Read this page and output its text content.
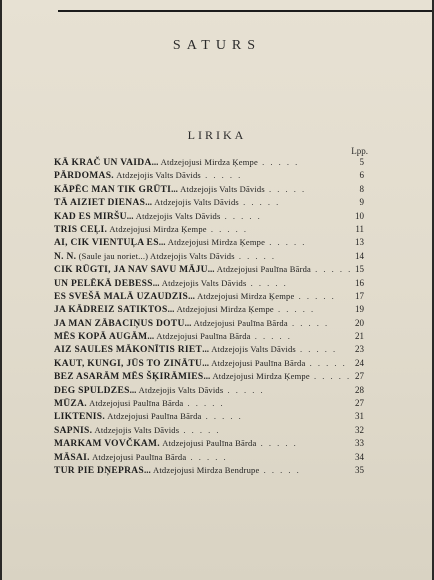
SATURS
LIRIKA
Lpp.
KĀ KRAČ UN VAIDA... Atdzejojusi Mirdza Ķempe . . . . .	5
PĀRDOMAS. Atdzejojis Valts Dāvids . . . . .	6
KĀPĒC MAN TIK GRŪTI... Atdzejojis Valts Dāvids . . . . .	8
TĀ AIZIET DIENAS... Atdzejojis Valts Dāvids . . . . .	9
KAD ES MIRŠU... Atdzejojis Valts Dāvids . . . . .	10
TRIS CEĻI. Atdzejojusi Mirdza Ķempe . . . . .	11
AI, CIK VIENTUĻA ES... Atdzejojusi Mirdza Ķempe . . . . .	13
N. N. (Saule jau noriet...) Atdzejojis Valts Dāvids . . . . .	14
CIK RŪGTI, JA NAV SAVU MĀJU... Atdzejojusi Paulīna Bārda . . . . . 15
UN PELĒKĀ DEBESS... Atdzejojis Valts Dāvids . . . . .	16
ES SVEŠĀ MALĀ UZAUDZIS... Atdzejojusi Mirdza Ķempe . . . . . 17
JA KĀDREIZ SATIKTOS... Atdzejojusi Mirdza Ķempe . . . . .	19
JA MAN ZĀBACIŅUS DOTU... Atdzejojusi Paulīna Bārda . . . . .	20
MĒS KOPĀ AUGĀM... Atdzejojusi Paulīna Bārda . . . . .	21
AIZ SAULES MĀKONĪTIS RIET... Atdzejojis Valts Dāvids . . . . . 23
KAUT, KUNGI, JŪS TO ZINĀTU... Atdzejojusi Paulīna Bārda . . . . . 24
BEZ ASARĀM MĒS ŠĶIRĀMIES... Atdzejojusi Mirdza Ķempe . . . . . 27
DEG SPULDZES... Atdzejojis Valts Dāvids . . . . .	28
MŪZA. Atdzejojusi Paulīna Bārda . . . . .	27
LIKTENIS. Atdzejojusi Paulīna Bārda . . . . .	31
SAPNIS. Atdzejojis Valts Dāvids . . . . .	32
MARKAM VOVČKAM. Atdzejojusi Paulīna Bārda . . . . .	33
MĀSAI. Atdzejojusi Paulīna Bārda . . . . .	34
TUR PIE DŅEPRAS... Atdzejojusi Mirdza Bendrupe . . . . .	35
